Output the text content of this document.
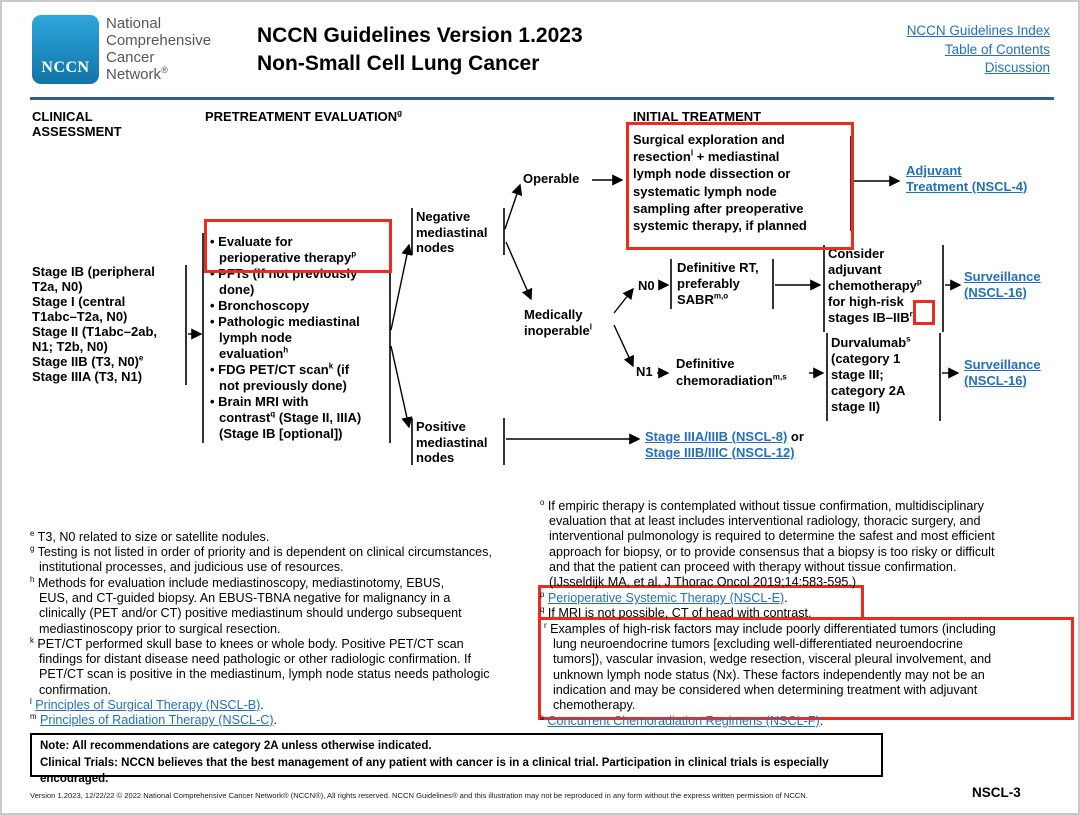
NCCN
National
Comprehensive
Cancer
Network®
NCCN Guidelines Version 1.2023
Non-Small Cell Lung Cancer
NCCN Guidelines Index
Table of Contents
Discussion
CLINICAL
ASSESSMENT
PRETREATMENT EVALUATION$^g$	INITIAL TREATMENT
Stage IB (peripheral
T2a, N0)
Stage I (central
T1abc–T2a, N0)
Stage II (T1abc–2ab,
N1; T2b, N0)
Stage IIB (T3, N0)$^e$
Stage IIIA (T3, N1)
• Evaluate for
perioperative therapy$^p$
• PFTs (if not previously
done)
• Bronchoscopy
• Pathologic mediastinal
lymph node
evaluation$^h$
• FDG PET/CT scan$^k$ (if
not previously done)
• Brain MRI with
contrast$^q$ (Stage II, IIIA)
(Stage IB [optional])
Negative
mediastinal
nodes
Operable
Surgical exploration and
resection$^l$ + mediastinal
lymph node dissection or
systematic lymph node
sampling after preoperative
systemic therapy, if planned
Adjuvant
Treatment (NSCL-4)
Medically
inoperable$^l$
N0
Definitive RT,
preferably
SABR$^{m,o}$
Consider
adjuvant
chemotherapy$^p$
for high-risk
stages IB–IIB$^r$
Surveillance
(NSCL-16)
N1
Definitive
chemoradiation$^{m,s}$
Durvalumab$^s$
(category 1
stage III;
category 2A
stage II)
Surveillance
(NSCL-16)
Positive
mediastinal
nodes
Stage IIIA/IIIB (NSCL-8) or
Stage IIIB/IIIC (NSCL-12)
$^e$ T3, N0 related to size or satellite nodules.
$^g$ Testing is not listed in order of priority and is dependent on clinical circumstances,
institutional processes, and judicious use of resources.
$^h$ Methods for evaluation include mediastinoscopy, mediastinotomy, EBUS,
EUS, and CT-guided biopsy. An EBUS-TBNA negative for malignancy in a
clinically (PET and/or CT) positive mediastinum should undergo subsequent
mediastinoscopy prior to surgical resection.
$^k$ PET/CT performed skull base to knees or whole body. Positive PET/CT scan
findings for distant disease need pathologic or other radiologic confirmation. If
PET/CT scan is positive in the mediastinum, lymph node status needs pathologic
confirmation.
$^l$ Principles of Surgical Therapy (NSCL-B).
$^m$ Principles of Radiation Therapy (NSCL-C).
$^o$ If empiric therapy is contemplated without tissue confirmation, multidisciplinary
evaluation that at least includes interventional radiology, thoracic surgery, and
interventional pulmonology is required to determine the safest and most efficient
approach for biopsy, or to provide consensus that a biopsy is too risky or difficult
and that the patient can proceed with therapy without tissue confirmation.
(IJsseldijk MA, et al. J Thorac Oncol 2019;14:583-595.)
$^p$ Perioperative Systemic Therapy (NSCL-E).
$^q$ If MRI is not possible, CT of head with contrast.
$^r$ Examples of high-risk factors may include poorly differentiated tumors (including
lung neuroendocrine tumors [excluding well-differentiated neuroendocrine
tumors]), vascular invasion, wedge resection, visceral pleural involvement, and
unknown lymph node status (Nx). These factors independently may not be an
indication and may be considered when determining treatment with adjuvant
chemotherapy.
$^s$ Concurrent Chemoradiation Regimens (NSCL-F).
Note: All recommendations are category 2A unless otherwise indicated.
Clinical Trials: NCCN believes that the best management of any patient with cancer is in a clinical trial. Participation in clinical trials is especially encouraged.
Version 1.2023, 12/22/22 © 2022 National Comprehensive Cancer Network® (NCCN®), All rights reserved. NCCN Guidelines® and this illustration may not be reproduced in any form without the express written permission of NCCN.	NSCL-3
